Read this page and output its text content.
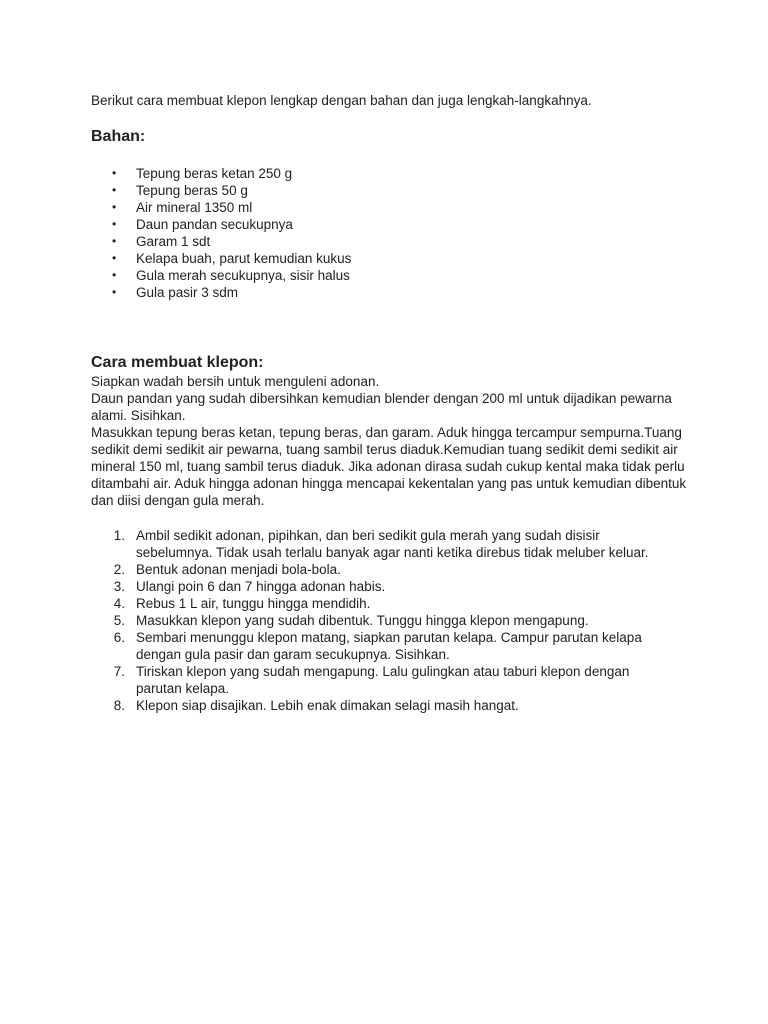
Berikut cara membuat klepon lengkap dengan bahan dan juga lengkah-langkahnya.

Bahan:
• Tepung beras ketan 250 g
• Tepung beras 50 g
• Air mineral 1350 ml
• Daun pandan secukupnya
• Garam 1 sdt
• Kelapa buah, parut kemudian kukus
• Gula merah secukupnya, sisir halus
• Gula pasir 3 sdm
Cara membuat klepon:

Siapkan wadah bersih untuk menguleni adonan.

Daun pandan yang sudah dibersihkan kemudian blender dengan 200 ml untuk dijadikan pewarna alami. Sisihkan.

Masukkan tepung beras ketan, tepung beras, dan garam. Aduk hingga tercampur sempurna.Tuang sedikit demi sedikit air pewarna, tuang sambil terus diaduk.Kemudian tuang sedikit demi sedikit air mineral 150 ml, tuang sambil terus diaduk. Jika adonan dirasa sudah cukup kental maka tidak perlu ditambahi air. Aduk hingga adonan hingga mencapai kekentalan yang pas untuk kemudian dibentuk dan diisi dengan gula merah.

1. Ambil sedikit adonan, pipihkan, dan beri sedikit gula merah yang sudah disisir sebelumnya. Tidak usah terlalu banyak agar nanti ketika direbus tidak meluber keluar.
2. Bentuk adonan menjadi bola-bola.
3. Ulangi poin 6 dan 7 hingga adonan habis.
4. Rebus 1 L air, tunggu hingga mendidih.
5. Masukkan klepon yang sudah dibentuk. Tunggu hingga klepon mengapung.
6. Sembari menunggu klepon matang, siapkan parutan kelapa. Campur parutan kelapa dengan gula pasir dan garam secukupnya. Sisihkan.
7. Tiriskan klepon yang sudah mengapung. Lalu gulingkan atau taburi klepon dengan parutan kelapa.
8. Klepon siap disajikan. Lebih enak dimakan selagi masih hangat.
